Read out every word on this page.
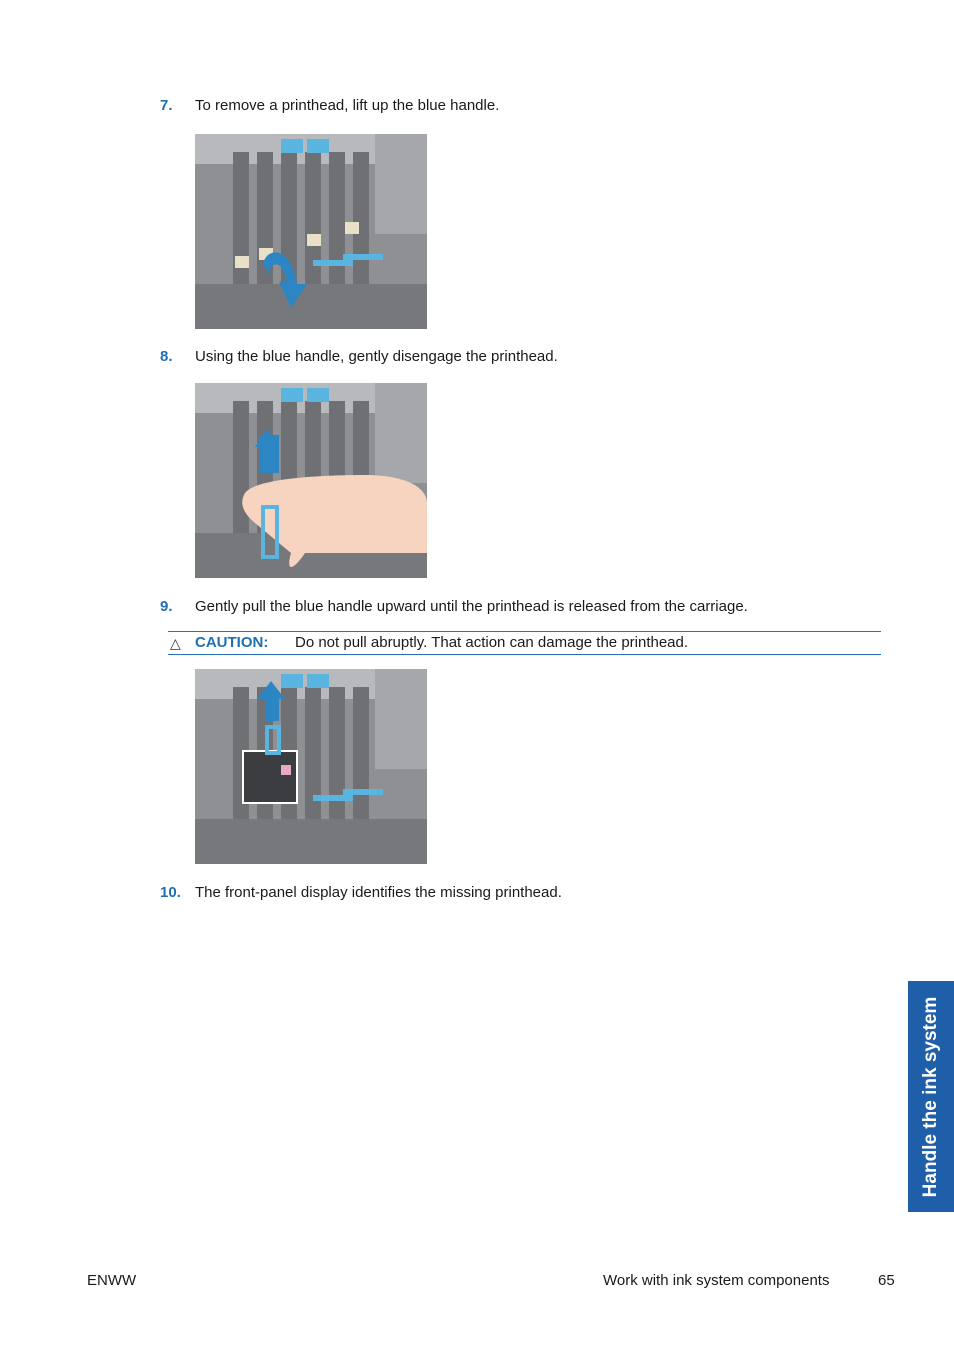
7. To remove a printhead, lift up the blue handle.
8. Using the blue handle, gently disengage the printhead.
9. Gently pull the blue handle upward until the printhead is released from the carriage.
△ CAUTION: Do not pull abruptly. That action can damage the printhead.
10. The front-panel display identifies the missing printhead.
Handle the ink system
ENWW	Work with ink system components	65
